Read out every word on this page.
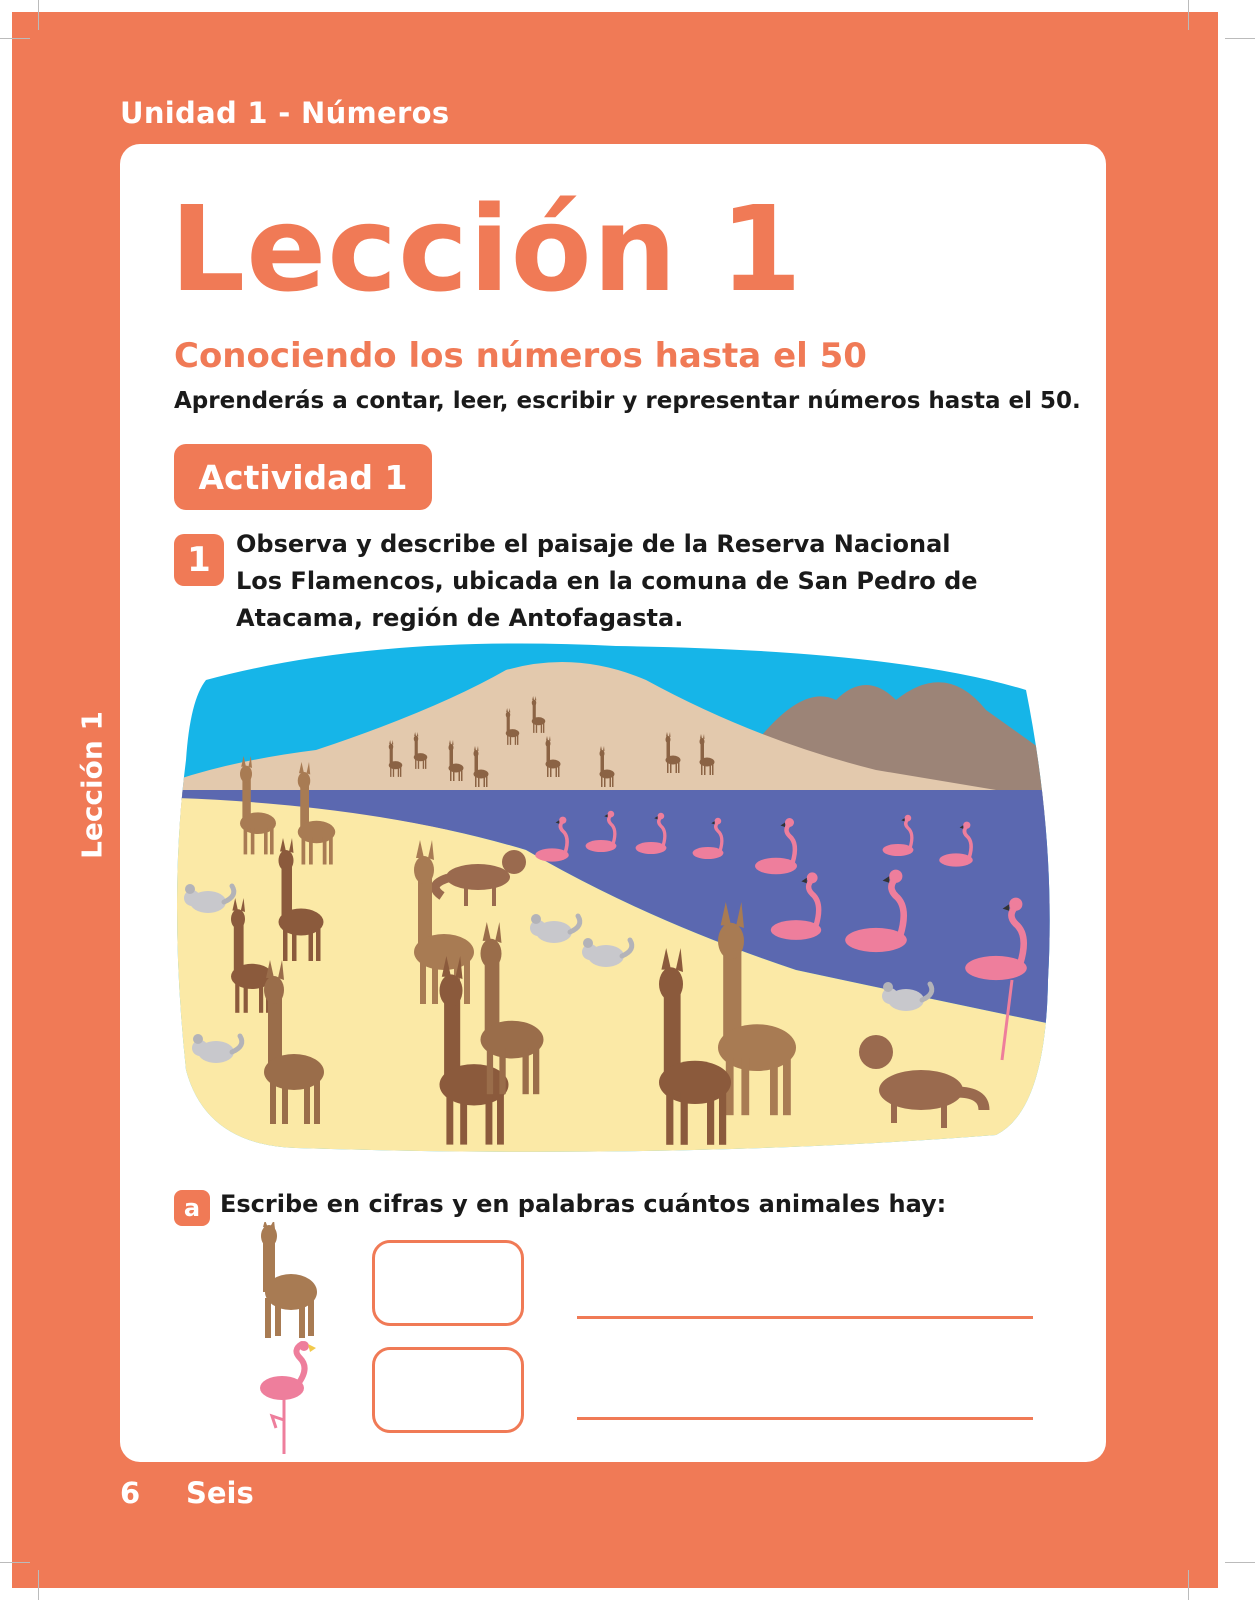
Unidad 1 - Números
Lección 1
Lección 1
Conociendo los números hasta el 50
Aprenderás a contar, leer, escribir y representar números hasta el 50.
Actividad 1
1	Observa y describe el paisaje de la Reserva Nacional Los Flamencos, ubicada en la comuna de San Pedro de Atacama, región de Antofagasta.
a Escribe en cifras y en palabras cuántos animales hay:
6 Seis
